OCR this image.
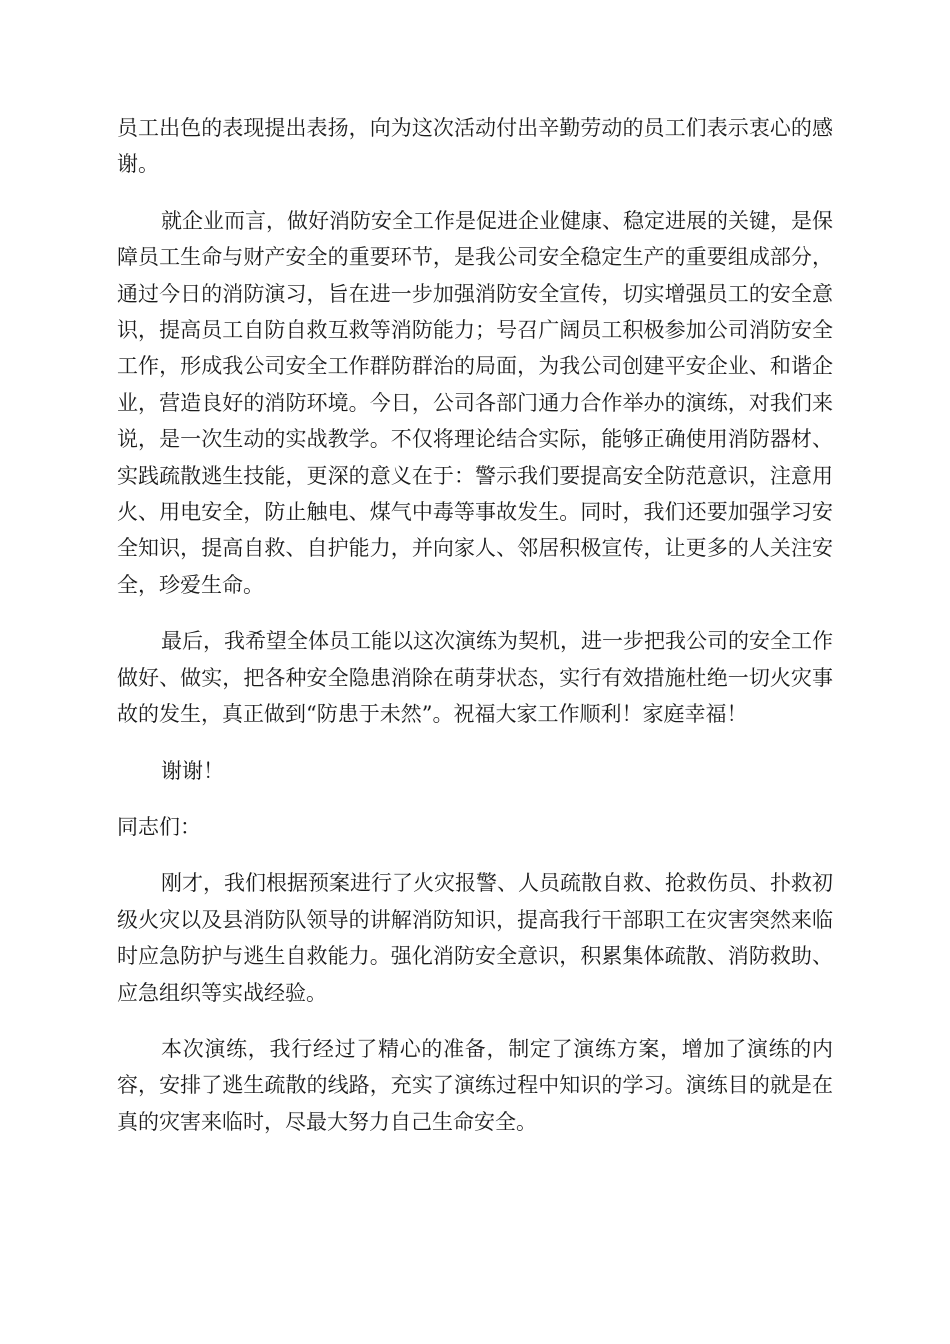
员工出色的表现提出表扬，向为这次活动付出辛勤劳动的员工们表示衷心的感谢。

就企业而言，做好消防安全工作是促进企业健康、稳定进展的关键，是保障员工生命与财产安全的重要环节，是我公司安全稳定生产的重要组成部分，通过今日的消防演习，旨在进一步加强消防安全宣传，切实增强员工的安全意识，提高员工自防自救互救等消防能力；号召广阔员工积极参加公司消防安全工作，形成我公司安全工作群防群治的局面，为我公司创建平安企业、和谐企业，营造良好的消防环境。今日，公司各部门通力合作举办的演练，对我们来说，是一次生动的实战教学。不仅将理论结合实际，能够正确使用消防器材、实践疏散逃生技能，更深的意义在于：警示我们要提高安全防范意识，注意用火、用电安全，防止触电、煤气中毒等事故发生。同时，我们还要加强学习安全知识，提高自救、自护能力，并向家人、邻居积极宣传，让更多的人关注安全，珍爱生命。

最后，我希望全体员工能以这次演练为契机，进一步把我公司的安全工作做好、做实，把各种安全隐患消除在萌芽状态，实行有效措施杜绝一切火灾事故的发生，真正做到“防患于未然”。祝福大家工作顺利！家庭幸福！

谢谢！

同志们：

刚才，我们根据预案进行了火灾报警、人员疏散自救、抢救伤员、扑救初级火灾以及县消防队领导的讲解消防知识，提高我行干部职工在灾害突然来临时应急防护与逃生自救能力。强化消防安全意识，积累集体疏散、消防救助、应急组织等实战经验。

本次演练，我行经过了精心的准备，制定了演练方案，增加了演练的内容，安排了逃生疏散的线路，充实了演练过程中知识的学习。演练目的就是在真的灾害来临时，尽最大努力自己生命安全。
